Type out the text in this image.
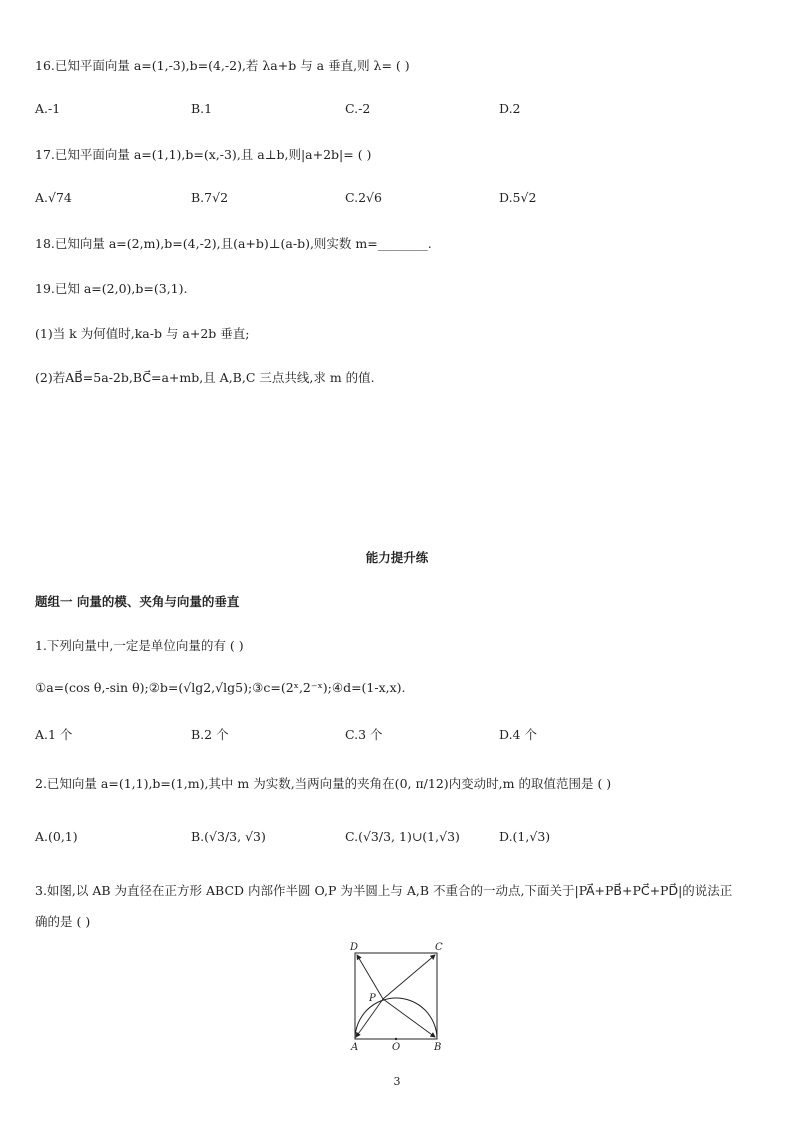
16.已知平面向量 a=(1,-3),b=(4,-2),若 λa+b 与 a 垂直,则 λ= ( )
A.-1	B.1	C.-2	D.2
17.已知平面向量 a=(1,1),b=(x,-3),且 a⊥b,则|a+2b|= ( )
A.√74	B.7√2	C.2√6	D.5√2
18.已知向量 a=(2,m),b=(4,-2),且(a+b)⊥(a-b),则实数 m=________.
19.已知 a=(2,0),b=(3,1).
(1)当 k 为何值时,ka-b 与 a+2b 垂直;
(2)若AB⃗=5a-2b,BC⃗=a+mb,且 A,B,C 三点共线,求 m 的值.
能力提升练
题组一 向量的模、夹角与向量的垂直
1.下列向量中,一定是单位向量的有 ( )
①a=(cos θ,-sin θ);②b=(√lg2,√lg5);③c=(2ˣ,2⁻ˣ);④d=(1-x,x).
A.1 个	B.2 个	C.3 个	D.4 个
2.已知向量 a=(1,1),b=(1,m),其中 m 为实数,当两向量的夹角在(0, π/12)内变动时,m 的取值范围是 ( )
A.(0,1)	B.(√3/3, √3)	C.(√3/3, 1)∪(1,√3)	D.(1,√3)
3.如图,以 AB 为直径在正方形 ABCD 内部作半圆 O,P 为半圆上与 A,B 不重合的一动点,下面关于|PA⃗+PB⃗+PC⃗+PD⃗|的说法正
确的是 ( )
D	C
P
A	O	B
3
